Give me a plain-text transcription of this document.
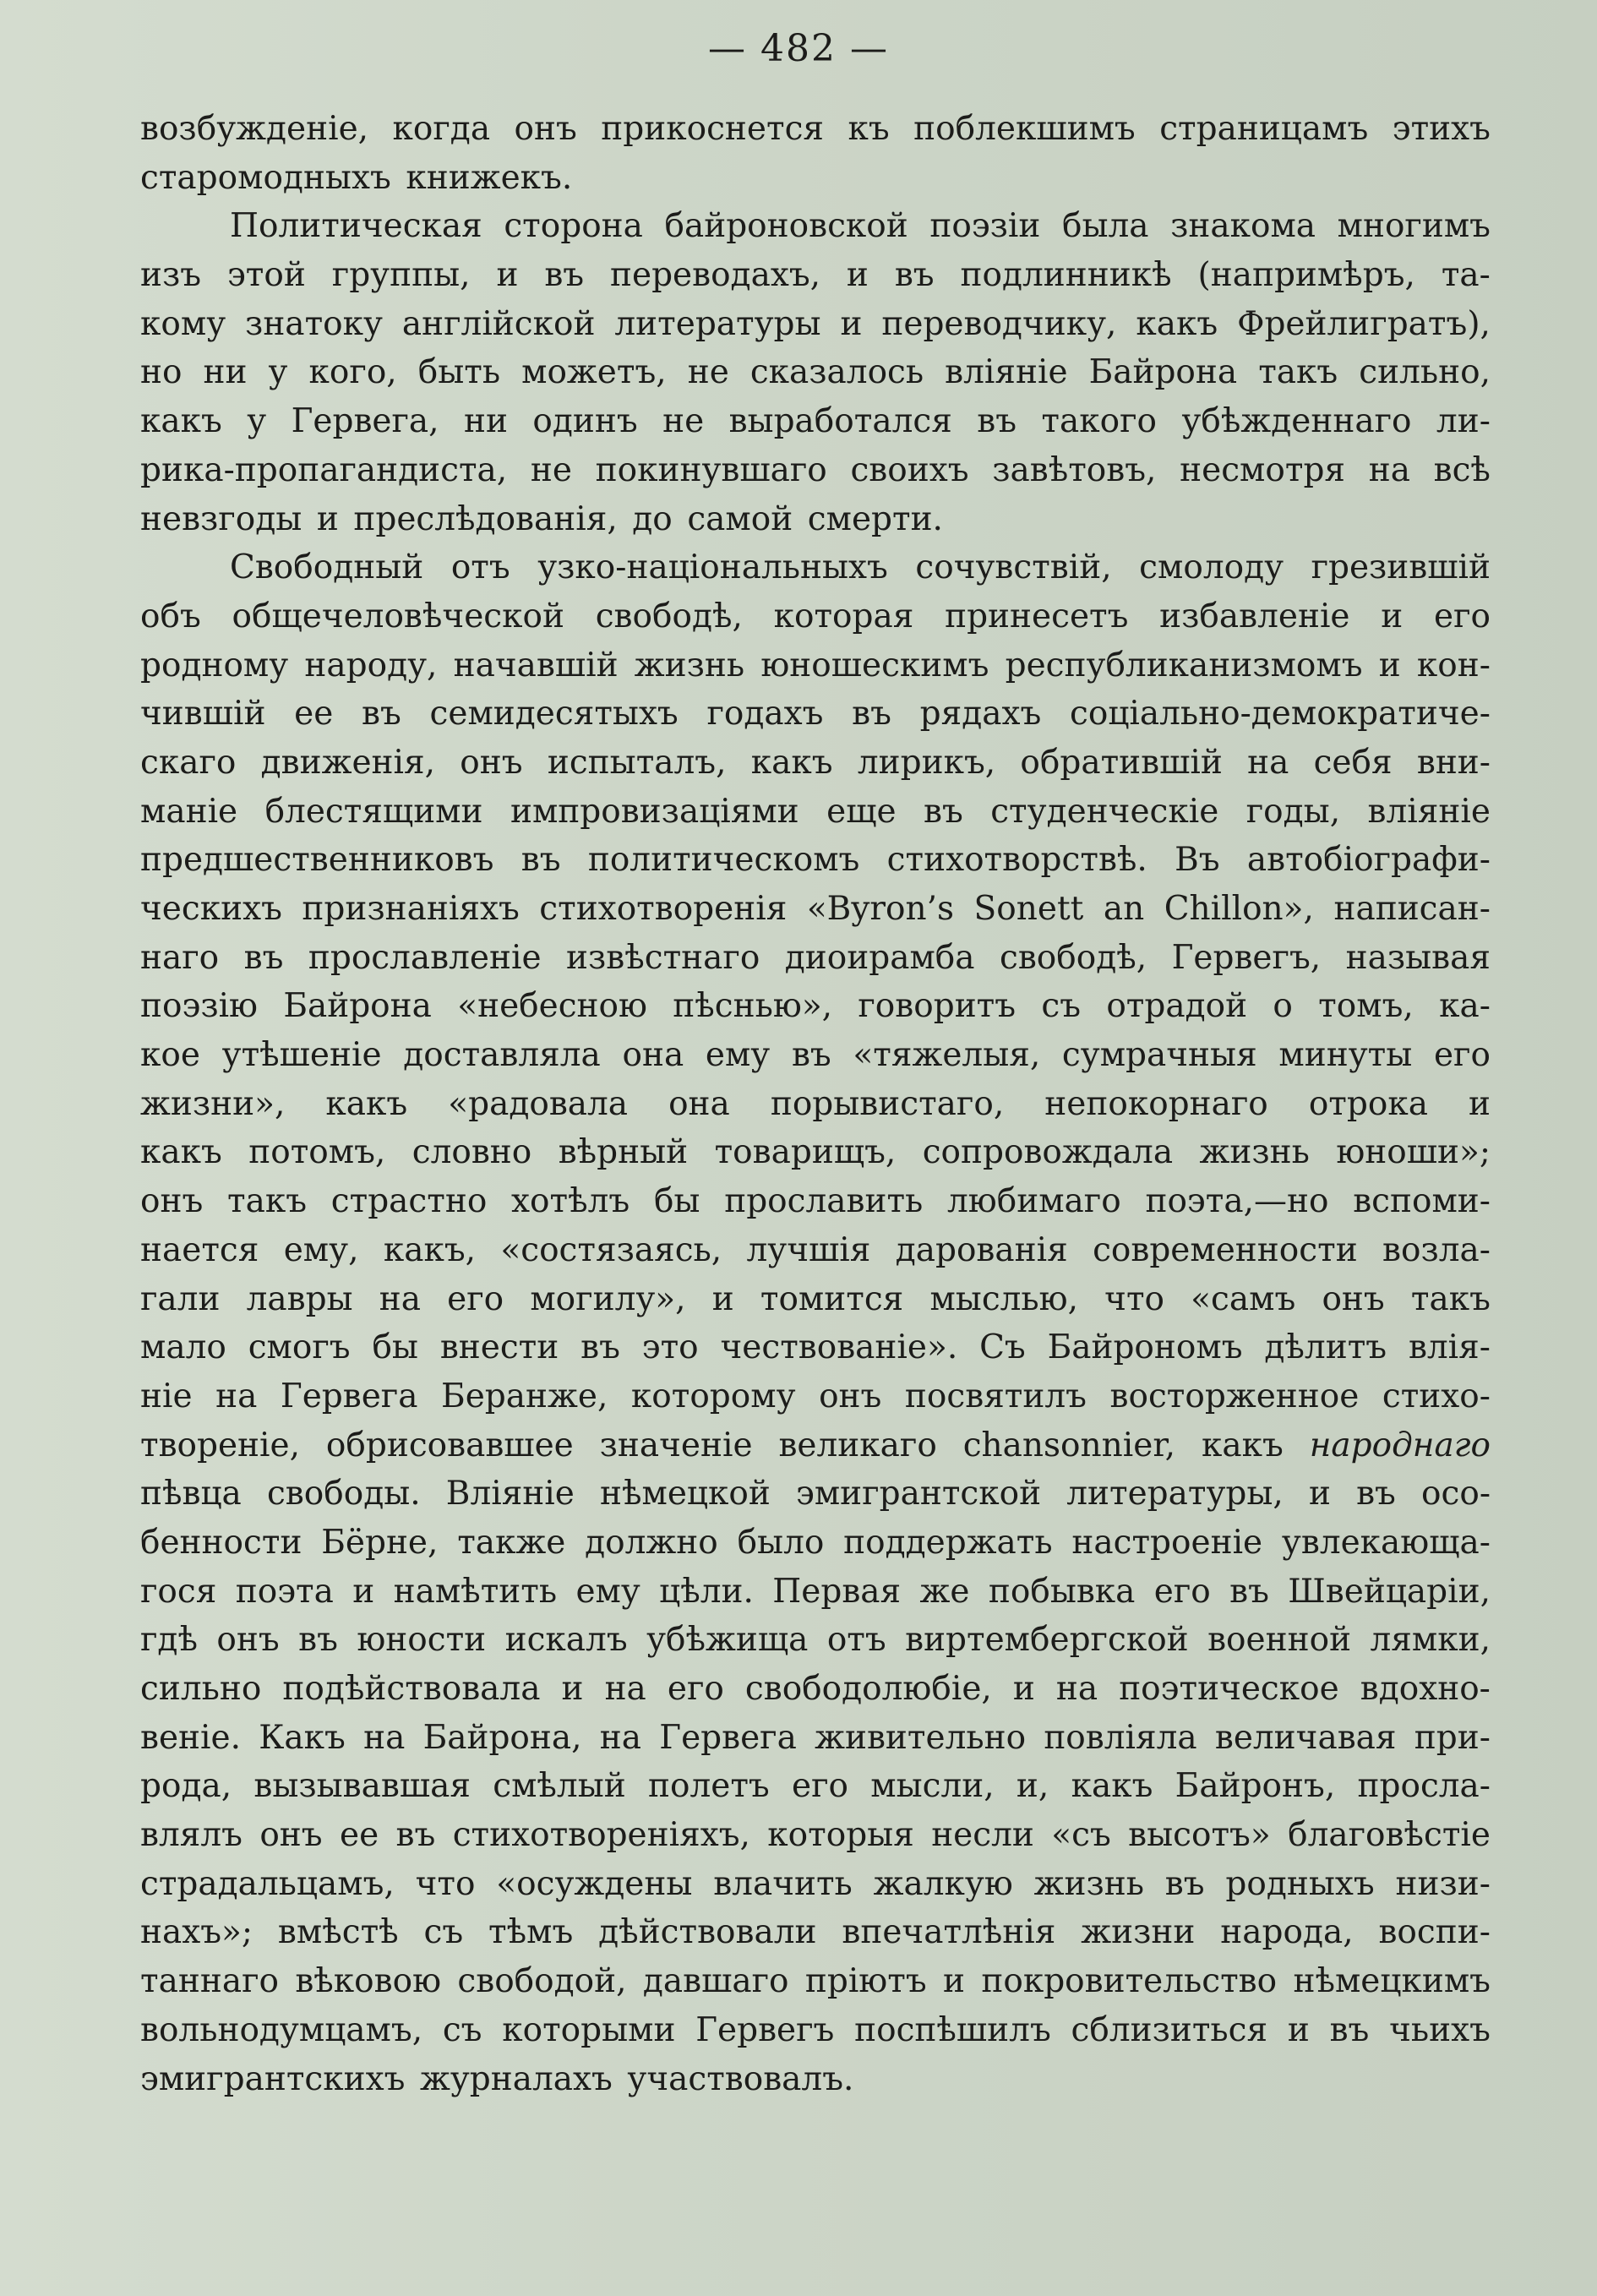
— 482 —
возбужденіе, когда онъ прикоснется къ поблекшимъ страницамъ этихъ
старомодныхъ книжекъ.
Политическая сторона байроновской поэзіи была знакома многимъ
изъ этой группы, и въ переводахъ, и въ подлинникѣ (напримѣръ, та-
кому знатоку англійской литературы и переводчику, какъ Фрейлигратъ),
но ни у кого, быть можетъ, не сказалось вліяніе Байрона такъ сильно,
какъ у Гервега, ни одинъ не выработался въ такого убѣжденнаго ли-
рика-пропагандиста, не покинувшаго своихъ завѣтовъ, несмотря на всѣ
невзгоды и преслѣдованія, до самой смерти.
Свободный отъ узко-національныхъ сочувствій, смолоду грезившій
объ общечеловѣческой свободѣ, которая принесетъ избавленіе и его
родному народу, начавшій жизнь юношескимъ республиканизмомъ и кон-
чившій ее въ семидесятыхъ годахъ въ рядахъ соціально-демократиче-
скаго движенія, онъ испыталъ, какъ лирикъ, обратившій на себя вни-
маніе блестящими импровизаціями еще въ студенческіе годы, вліяніе
предшественниковъ въ политическомъ стихотворствѣ. Въ автобіографи-
ческихъ признаніяхъ стихотворенія «Byron’s Sonett an Chillon», написан-
наго въ прославленіе извѣстнаго диоирамба свободѣ, Гервегъ, называя
поэзію Байрона «небесною пѣснью», говоритъ съ отрадой о томъ, ка-
кое утѣшеніе доставляла она ему въ «тяжелыя, сумрачныя минуты его
жизни», какъ «радовала она порывистаго, непокорнаго отрока и
какъ потомъ, словно вѣрный товарищъ, сопровождала жизнь юноши»;
онъ такъ страстно хотѣлъ бы прославить любимаго поэта,—но вспоми-
нается ему, какъ, «состязаясь, лучшія дарованія современности возла-
гали лавры на его могилу», и томится мыслью, что «самъ онъ такъ
мало смогъ бы внести въ это чествованіе». Съ Байрономъ дѣлитъ влія-
ніе на Гервега Беранже, которому онъ посвятилъ восторженное стихо-
твореніе, обрисовавшее значеніе великаго chansonnier, какъ народнаго
пѣвца свободы. Вліяніе нѣмецкой эмигрантской литературы, и въ осо-
бенности Бёрне, также должно было поддержать настроеніе увлекающа-
гося поэта и намѣтить ему цѣли. Первая же побывка его въ Швейцаріи,
гдѣ онъ въ юности искалъ убѣжища отъ виртембергской военной лямки,
сильно подѣйствовала и на его свободолюбіе, и на поэтическое вдохно-
веніе. Какъ на Байрона, на Гервега живительно повліяла величавая при-
рода, вызывавшая смѣлый полетъ его мысли, и, какъ Байронъ, просла-
влялъ онъ ее въ стихотвореніяхъ, которыя несли «съ высотъ» благовѣстіе
страдальцамъ, что «осуждены влачить жалкую жизнь въ родныхъ низи-
нахъ»; вмѣстѣ съ тѣмъ дѣйствовали впечатлѣнія жизни народа, воспи-
таннаго вѣковою свободой, давшаго пріютъ и покровительство нѣмецкимъ
вольнодумцамъ, съ которыми Гервегъ поспѣшилъ сблизиться и въ чьихъ
эмигрантскихъ журналахъ участвовалъ.
